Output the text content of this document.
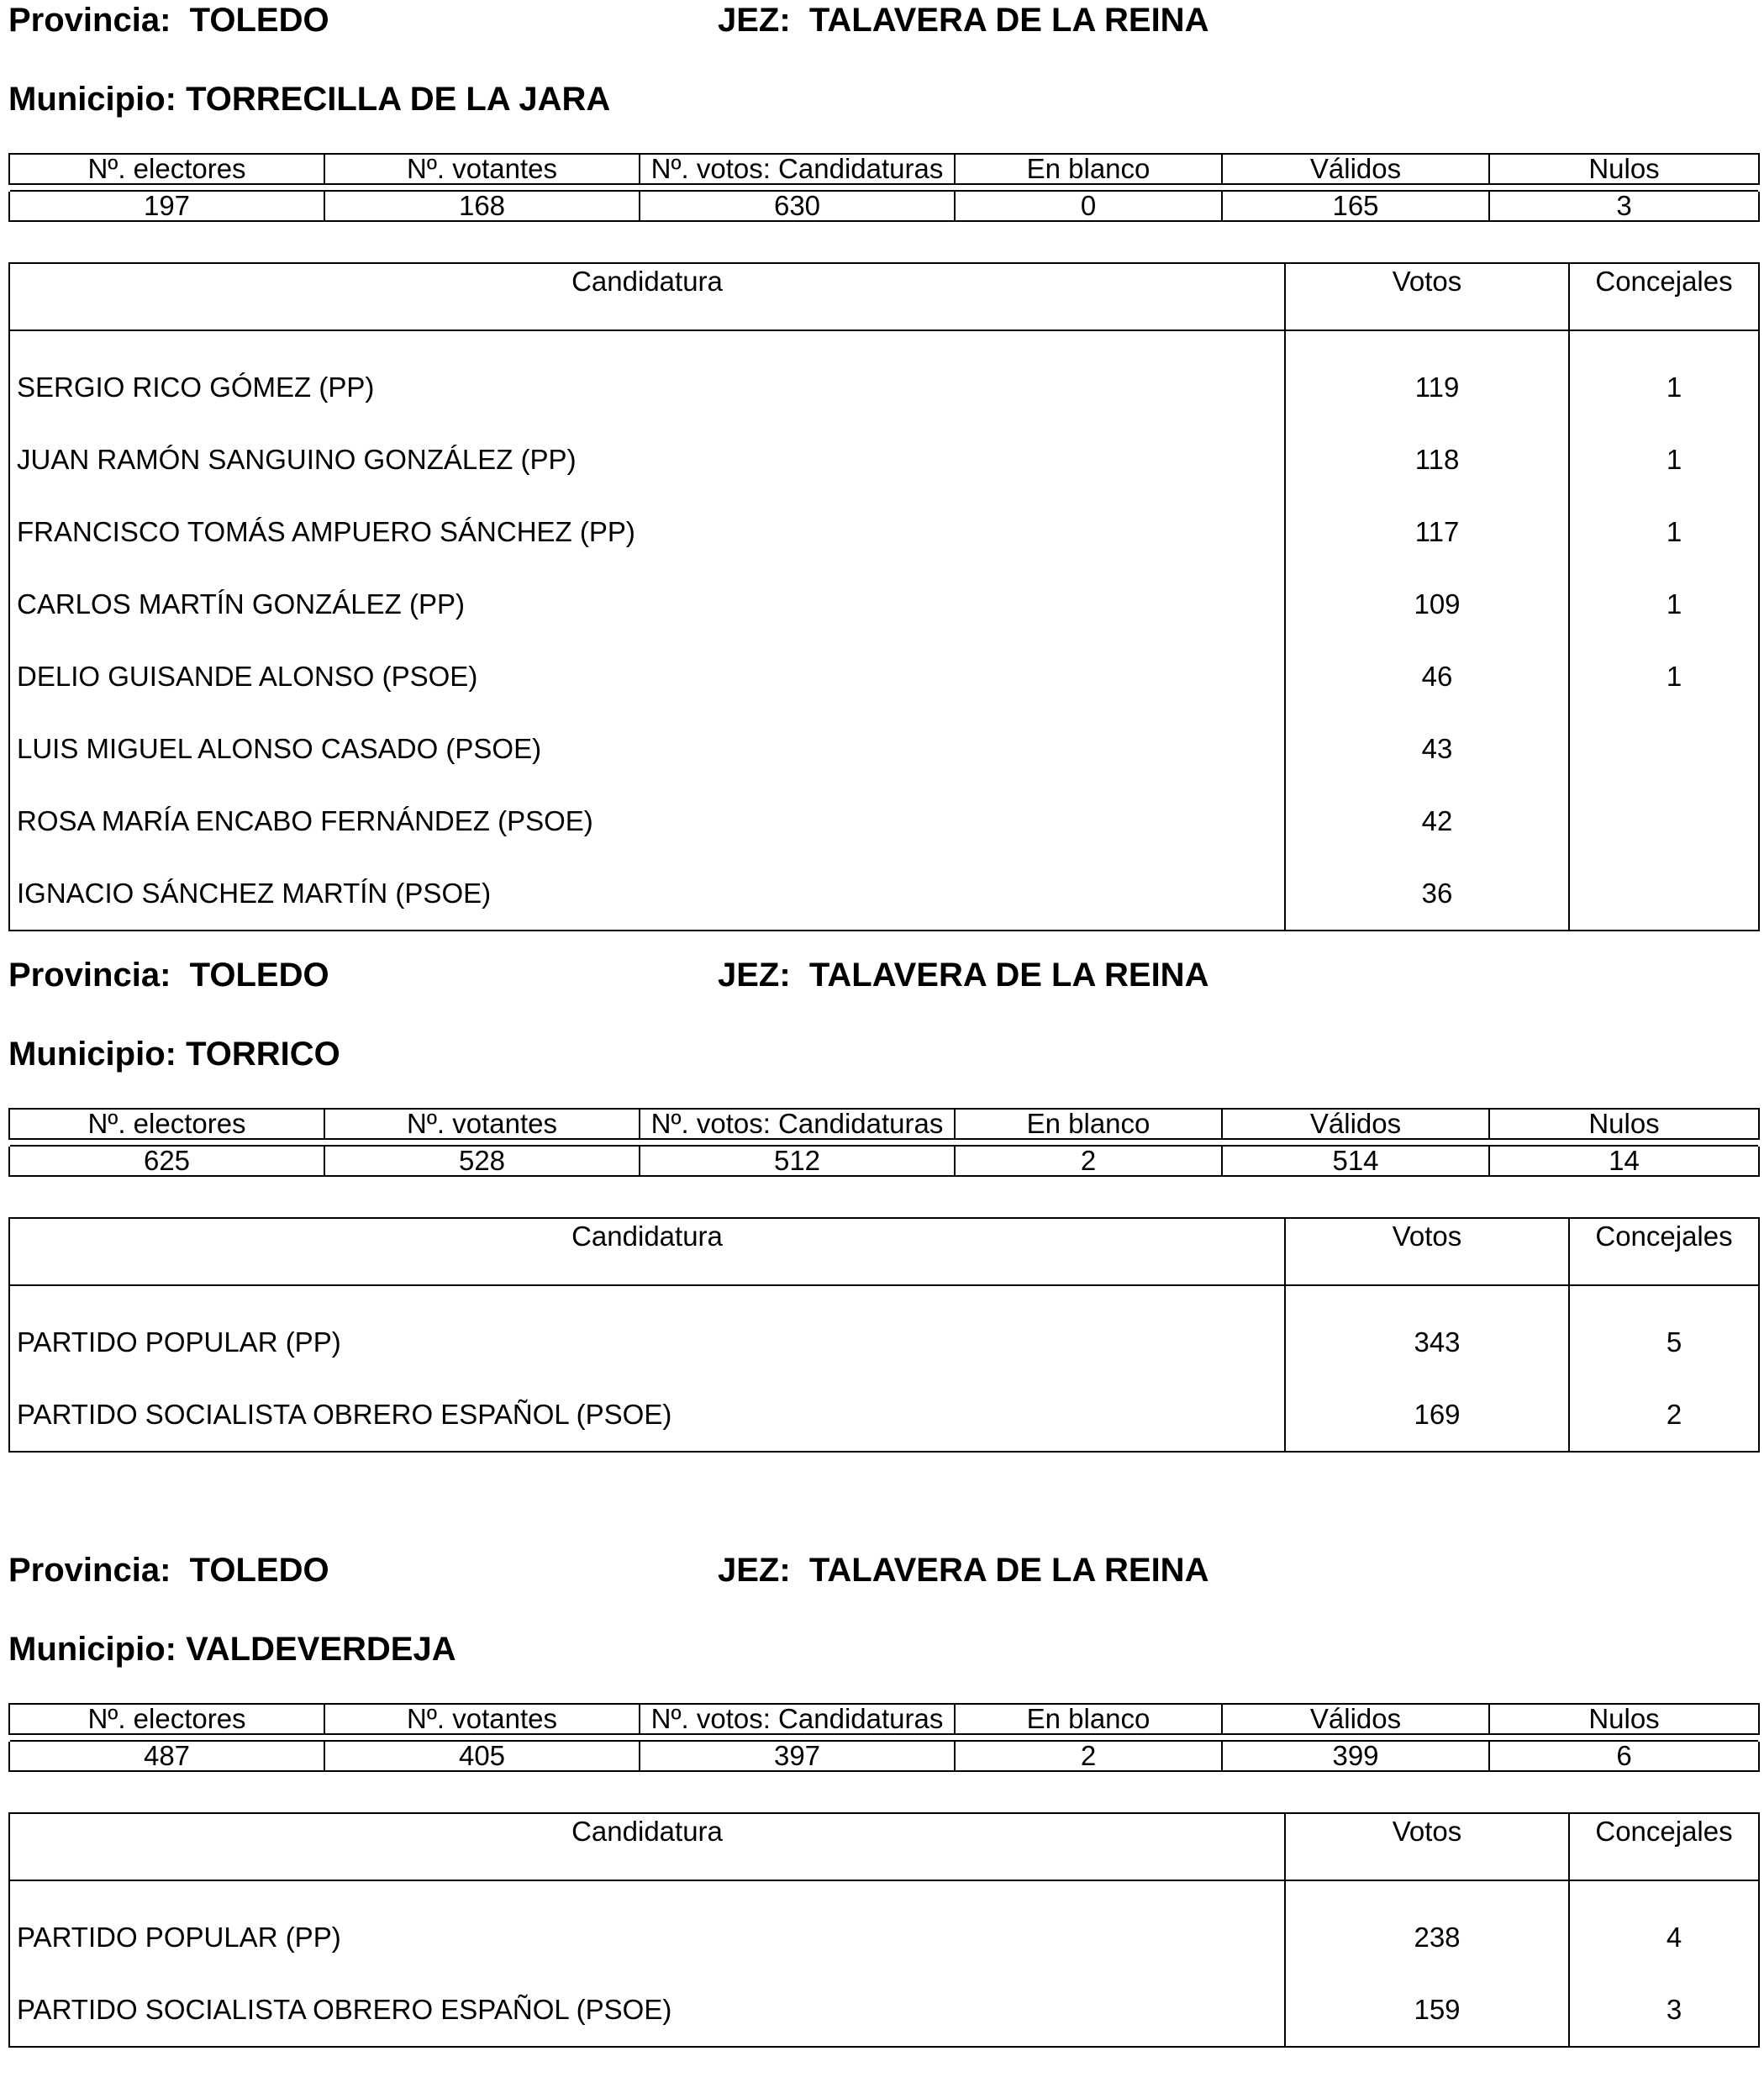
Provincia:  TOLEDO	JEZ:  TALAVERA DE LA REINA
Municipio: TORRECILLA DE LA JARA
Nº. electores	Nº. votantes	Nº. votos: Candidaturas	En blanco	Válidos	Nulos

197	168	630	0	165	3
Candidatura	Votos	Concejales
SERGIO RICO GÓMEZ (PP)	119	1
JUAN RAMÓN SANGUINO GONZÁLEZ (PP)	118	1
FRANCISCO TOMÁS AMPUERO SÁNCHEZ (PP)	117	1
CARLOS MARTÍN GONZÁLEZ (PP)	109	1
DELIO GUISANDE ALONSO (PSOE)	46	1
LUIS MIGUEL ALONSO CASADO (PSOE)	43	
ROSA MARÍA ENCABO FERNÁNDEZ (PSOE)	42	
IGNACIO SÁNCHEZ MARTÍN (PSOE)	36	
Provincia:  TOLEDO	JEZ:  TALAVERA DE LA REINA
Municipio: TORRICO
Nº. electores	Nº. votantes	Nº. votos: Candidaturas	En blanco	Válidos	Nulos

625	528	512	2	514	14
Candidatura	Votos	Concejales
PARTIDO POPULAR (PP)	343	5
PARTIDO SOCIALISTA OBRERO ESPAÑOL (PSOE)	169	2
Provincia:  TOLEDO	JEZ:  TALAVERA DE LA REINA
Municipio: VALDEVERDEJA
Nº. electores	Nº. votantes	Nº. votos: Candidaturas	En blanco	Válidos	Nulos

487	405	397	2	399	6
Candidatura	Votos	Concejales
PARTIDO POPULAR (PP)	238	4
PARTIDO SOCIALISTA OBRERO ESPAÑOL (PSOE)	159	3
